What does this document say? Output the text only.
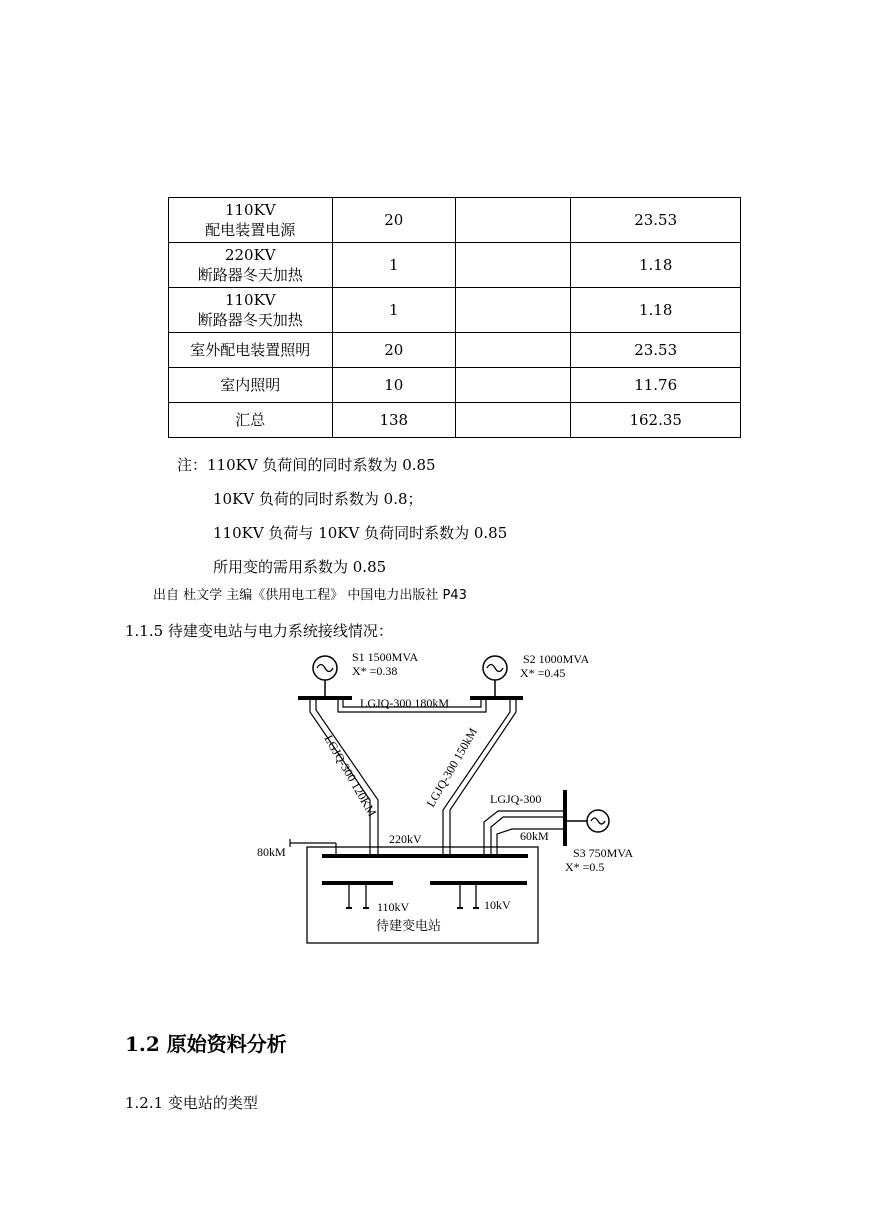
110KV
配电装置电源	20		23.53

220KV
断路器冬天加热	1		1.18

110KV
断路器冬天加热	1		1.18
室外配电装置照明	20		23.53
室内照明	10		11.76
汇总	138		162.35
注：110KV 负荷间的同时系数为 0.85
10KV 负荷的同时系数为 0.8；
110KV 负荷与 10KV 负荷同时系数为 0.85
所用变的需用系数为 0.85
出自 杜文学 主编《供用电工程》 中国电力出版社 P43
1.1.5 待建变电站与电力系统接线情况：
S1 1500MVA
X* =0.38
S2 1000MVA
X* =0.45
LGJQ-300 180kM
LGJQ-300 120KM	LGJQ-300 150kM LGJQ-300
60kM
220kV
80kM	S3 750MVA
X* =0.5
110kV	10kV
待建变电站
1.2 原始资料分析
1.2.1 变电站的类型
